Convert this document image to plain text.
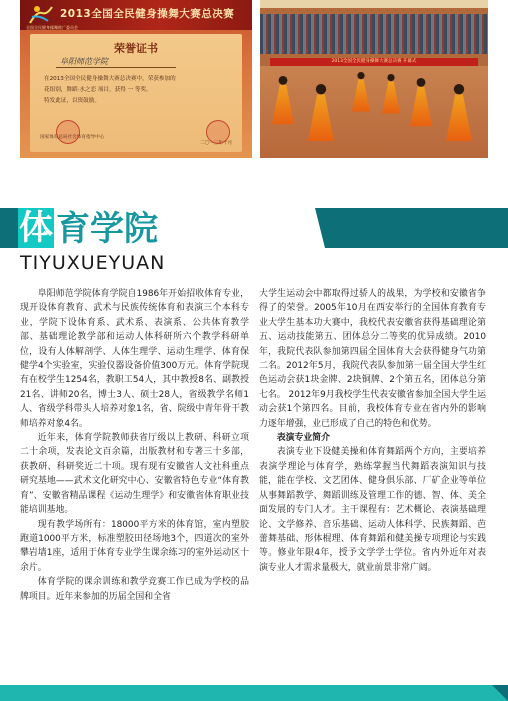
2013全国全民健身操舞大赛总决赛
全国全民健身操舞推广委员会
荣誉证书
阜阳师范学院
在2013全国全民健身操舞大赛总决赛中，荣获参加的
花组别，舞蹈·水之恋 项目，获得 一 等奖。
特发此证，以资鼓励。
国家体育总局社会体育指导中心
二〇一三年十月
2013全国全民健身操舞大赛总决赛 开幕式
体 育学院
TIYUXUEYUAN

阜阳师范学院体育学院自1986年开始招收体育专业，现开设体育教育、武术与民族传统体育和表演三个本科专业，学院下设体育系、武术系、表演系、公共体育教学部、基础理论教学部和运动人体科研所六个教学科研单位，设有人体解剖学、人体生理学、运动生理学、体育保健学4个实验室，实验仪器设备价值300万元。体育学院现有在校学生1254名，教职工54人，其中教授8名、副教授21名、讲师20名，博士3人、硕士28人，省级教学名师1人、省级学科带头人培养对象1名，省、院级中青年骨干教师培养对象4名。

近年来，体育学院教师获省厅级以上教研、科研立项二十余项，发表论文百余篇，出版教材和专著三十多部，获教研、科研奖近二十项。现有现有安徽省人文社科重点研究基地——武术文化研究中心、安徽省特色专业“体育教育”、安徽省精品课程《运动生理学》和安徽省体育职业技能培训基地。

现有教学场所有：18000平方米的体育馆，室内塑胶跑道1000平方米，标准塑胶田径场地3个，四道次的室外攀岩墙1座，适用于体育专业学生课余练习的室外运动区十余片。

体育学院的课余训练和教学竞赛工作已成为学校的品牌项目。近年来参加的历届全国和全省

大学生运动会中都取得过骄人的战果，为学校和安徽省争得了的荣誉。2005年10月在西安举行的全国体育教育专业大学生基本功大赛中，我校代表安徽省获得基础理论第五、运动技能第五、团体总分二等奖的优异成绩。2010年，我院代表队参加第四届全国体育大会获得健身气功第二名。2012年5月，我院代表队参加第一届全国大学生红色运动会获1块金牌、2块铜牌、2个第五名，团体总分第七名。 2012年9月我校学生代表安徽省参加全国大学生运动会获1个第四名。目前，我校体育专业在省内外的影响力逐年增强，业已形成了自己的特色和优势。

表演专业简介

表演专业下设健美操和体育舞蹈两个方向，主要培养表演学理论与体育学，熟练掌握当代舞蹈表演知识与技能，能在学校、文艺团体、健身俱乐部、厂矿企业等单位从事舞蹈教学、舞蹈训练及管理工作的德、智、体、美全面发展的专门人才。主干课程有：艺术概论、表演基础理论、文学修养、音乐基础、运动人体科学、民族舞蹈、芭蕾舞基础、形体棍理、体育舞蹈和健美操专项理论与实践等。修业年限4年，授予文学学士学位。省内外近年对表演专业人才需求量极大，就业前景非常广阔。
